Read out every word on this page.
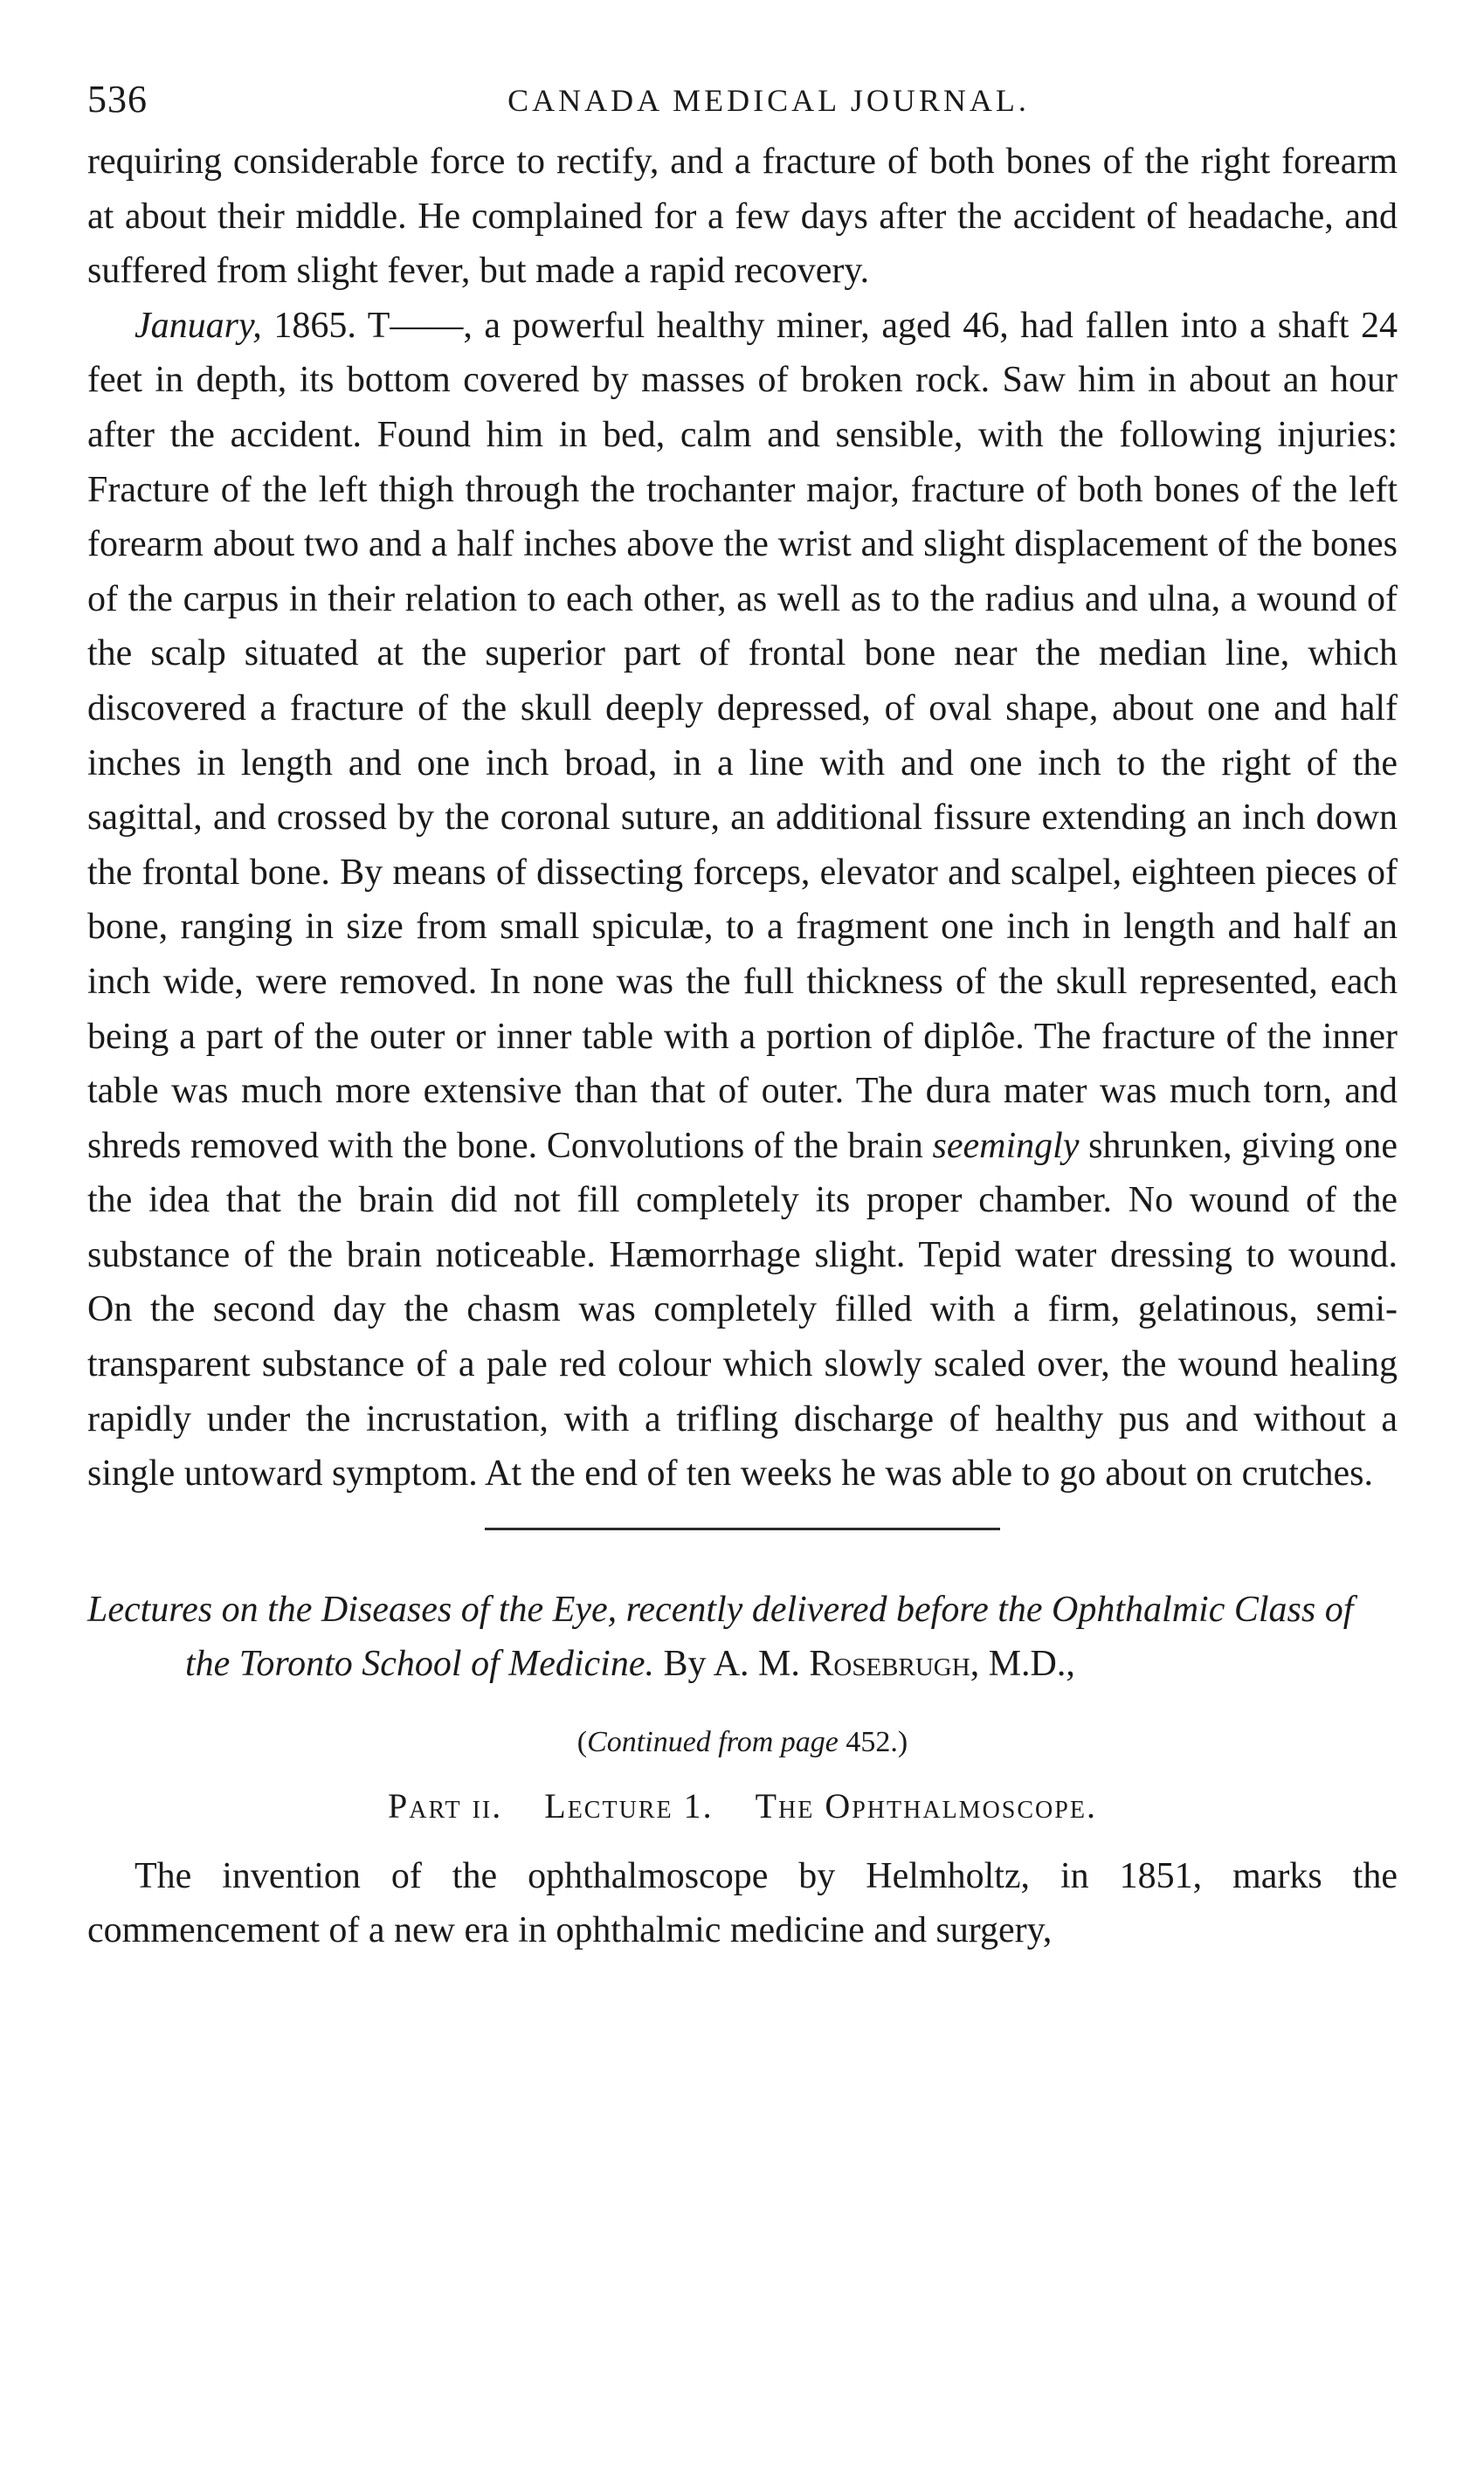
536	CANADA MEDICAL JOURNAL.

requiring considerable force to rectify, and a fracture of both bones of the right forearm at about their middle. He complained for a few days after the accident of headache, and suffered from slight fever, but made a rapid recovery.

January, 1865. T——, a powerful healthy miner, aged 46, had fallen into a shaft 24 feet in depth, its bottom covered by masses of broken rock. Saw him in about an hour after the accident. Found him in bed, calm and sensible, with the following injuries: Fracture of the left thigh through the trochanter major, fracture of both bones of the left forearm about two and a half inches above the wrist and slight displacement of the bones of the carpus in their relation to each other, as well as to the radius and ulna, a wound of the scalp situated at the superior part of frontal bone near the median line, which discovered a fracture of the skull deeply depressed, of oval shape, about one and half inches in length and one inch broad, in a line with and one inch to the right of the sagittal, and crossed by the coronal suture, an additional fissure extending an inch down the frontal bone. By means of dissecting forceps, elevator and scalpel, eighteen pieces of bone, ranging in size from small spiculæ, to a fragment one inch in length and half an inch wide, were removed. In none was the full thickness of the skull represented, each being a part of the outer or inner table with a portion of diplôe. The fracture of the inner table was much more extensive than that of outer. The dura mater was much torn, and shreds removed with the bone. Convolutions of the brain seemingly shrunken, giving one the idea that the brain did not fill completely its proper chamber. No wound of the substance of the brain noticeable. Hæmorrhage slight. Tepid water dressing to wound. On the second day the chasm was completely filled with a firm, gelatinous, semi-transparent substance of a pale red colour which slowly scaled over, the wound healing rapidly under the incrustation, with a trifling discharge of healthy pus and without a single untoward symptom. At the end of ten weeks he was able to go about on crutches.

Lectures on the Diseases of the Eye, recently delivered before the Ophthalmic Class of the Toronto School of Medicine. By A. M. Rosebrugh, M.D.,

(Continued from page 452.)
Part ii. Lecture 1. The Ophthalmoscope.

The invention of the ophthalmoscope by Helmholtz, in 1851, marks the commencement of a new era in ophthalmic medicine and surgery,
